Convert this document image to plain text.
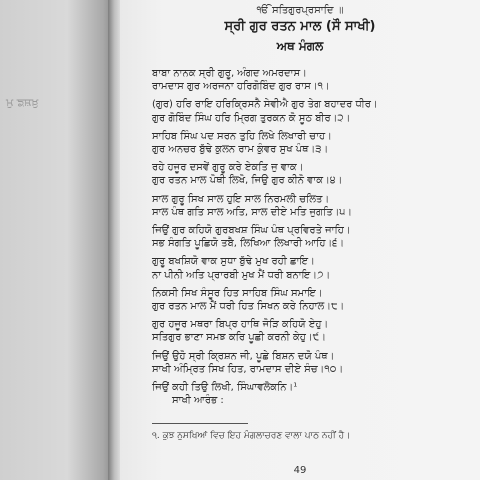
ਖ਼ੁਸ਼ਫ਼ ਮੁ
ੴ ਸਤਿਗੁਰਪ੍ਰਸਾਦਿ ॥
ਸ੍ਰੀ ਗੁਰ ਰਤਨ ਮਾਲ (ਸੌ ਸਾਖੀ)
ਅਥ ਮੰਗਲ
ਬਾਬਾ ਨਾਨਕ ਸ੍ਰੀ ਗੁਰੂ, ਅੰਗਦ ਅਮਰਦਾਸ।
ਰਾਮਦਾਸ ਗੁਰ ਅਰਜਨਾ ਹਰਿਗੋਬਿੰਦ ਗੁਰ ਰਾਸ।੧।
(ਗੁਰ) ਹਰਿ ਰਾਇ ਹਰਿਕ੍ਰਿਸਨੈ ਸੇਵੀਐ ਗੁਰ ਤੇਗ ਬਹਾਦਰ ਧੀਰ।
ਗੁਰ ਗੋਬਿੰਦ ਸਿੰਘ ਹਰਿ ਮ੍ਰਿਗ ਤੁਰਕਨ ਕੋ ਸੂਠ ਬੀਰ।੨।
ਸਾਹਿਬ ਸਿੰਘ ਪਦ ਸਰਨ ਤੁਹਿ ਲਿਖੇ ਲਿਖਾਰੀ ਚਾਹ।
ਗੁਰ ਅਨਚਰ ਬੁੱਢੇ ਕੁਲਨ ਰਾਮ ਕੁੰਵਰ ਸੁਖ ਪੰਥ।੩।
ਰਹੇ ਹਜੂਰ ਦਸਵੇਂ ਗੁਰੂ ਕਰੇ ਏਕਤਿ ਜੁ ਵਾਕ।
ਗੁਰ ਰਤਨ ਮਾਲ ਪੋਥੀ ਲਿਖੋ, ਜਿਉ ਗੁਰ ਕੀਨੋ ਵਾਕ।੪।
ਸਾਲ ਗੁਰੂ ਸਿਖ ਸਾਲ ਹੁਇ ਸਾਲ ਨਿਰਮਲੀ ਚਲਿਤ।
ਸਾਲ ਪੰਥ ਗਤਿ ਸਾਲ ਅਤਿ, ਸਾਲ ਦੀਏ ਮਤਿ ਜੁਗਤਿ।੫।
ਜਿਉਂ ਗੁਰ ਕਹਿਯੋ ਗੁਰਬਖਸ਼ ਸਿੰਘ ਪੰਥ ਪ੍ਰਵਿਰਤੇ ਜਾਹਿ।
ਸਭ ਸੰਗਤਿ ਪੂਛਿਯੋ ਤਬੈ, ਲਿਖਿਆ ਲਿਖਾਰੀ ਆਹਿ।੬।
ਗੁਰੂ ਬਖਸ਼ਿਯੋ ਵਾਕ ਸੁਧਾ ਬੁੱਢੇ ਮੁਖ ਰਹੀ ਛਾਇ।
ਨਾ ਪੀਨੀ ਅਤਿ ਪ੍ਰਾਰਬੀ ਮੁਖ ਮੈਂ ਧਰੀ ਬਨਾਇ।੭।
ਨਿਕਸੀ ਸਿਖ ਸੰਸੂਰ ਹਿਤ ਸਾਹਿਬ ਸਿੰਘ ਸਮਾਇ।
ਗੁਰ ਰਤਨ ਮਾਲ ਮੈਂ ਧਰੀ ਹਿਤ ਸਿਖਨ ਕਰੇ ਨਿਹਾਲ।੮।
ਗੁਰ ਹਜੂਰ ਮਥਰਾ ਬਿਪ੍ਰ ਹਾਥਿ ਜੋੜਿ ਕਹਿਯੋ ਏਹੁ।
ਸਤਿਗੁਰ ਭਾਣਾ ਸਮਝ ਕਰਿ ਪੂਛੀ ਕਰਨੀ ਕੇਹੁ।੯।
ਜਿਉਂ ਉਹੋ ਸ੍ਰੀ ਕ੍ਰਿਸ਼ਨ ਜੀ, ਪੂਛੇ ਬਿਸ਼ਨ ਦਯੋ ਪੰਥ।
ਸਾਖੀ ਅੰਮ੍ਰਿਤ ਸਿਖ ਹਿਤ, ਰਾਮਦਾਸ ਦੀਏ ਸੰਚ।੧੦।
ਜਿਉਂ ਕਹੀ ਤਿਉ ਲਿਖੀ, ਸਿੰਘਾਵਲੋਕਨਿ।¹
ਸਾਖੀ ਆਰੰਭ :
੧. ਕੁਝ ਨੁਸਖਿਆਂ ਵਿਚ ਇਹ ਮੰਗਲਾਚਰਣ ਵਾਲਾ ਪਾਠ ਨਹੀਂ ਹੈ।
49
